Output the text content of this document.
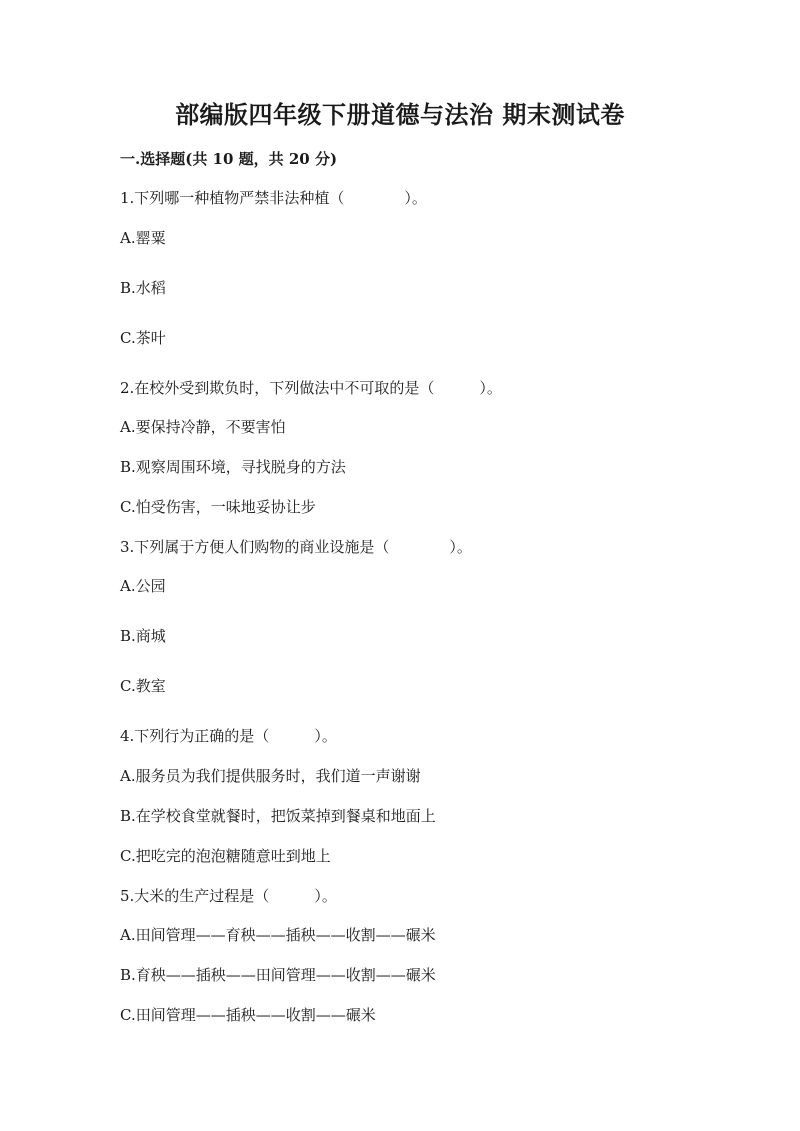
部编版四年级下册道德与法治 期末测试卷
一.选择题(共 10 题，共 20 分)
1.下列哪一种植物严禁非法种植（　　　　）。
A.罂粟
B.水稻
C.茶叶
2.在校外受到欺负时，下列做法中不可取的是（　　　）。
A.要保持冷静，不要害怕
B.观察周围环境，寻找脱身的方法
C.怕受伤害，一味地妥协让步
3.下列属于方便人们购物的商业设施是（　　　　）。
A.公园
B.商城
C.教室
4.下列行为正确的是（　　　）。
A.服务员为我们提供服务时，我们道一声谢谢
B.在学校食堂就餐时，把饭菜掉到餐桌和地面上
C.把吃完的泡泡糖随意吐到地上
5.大米的生产过程是（　　　）。
A.田间管理——育秧——插秧——收割——碾米
B.育秧——插秧——田间管理——收割——碾米
C.田间管理——插秧——收割——碾米
